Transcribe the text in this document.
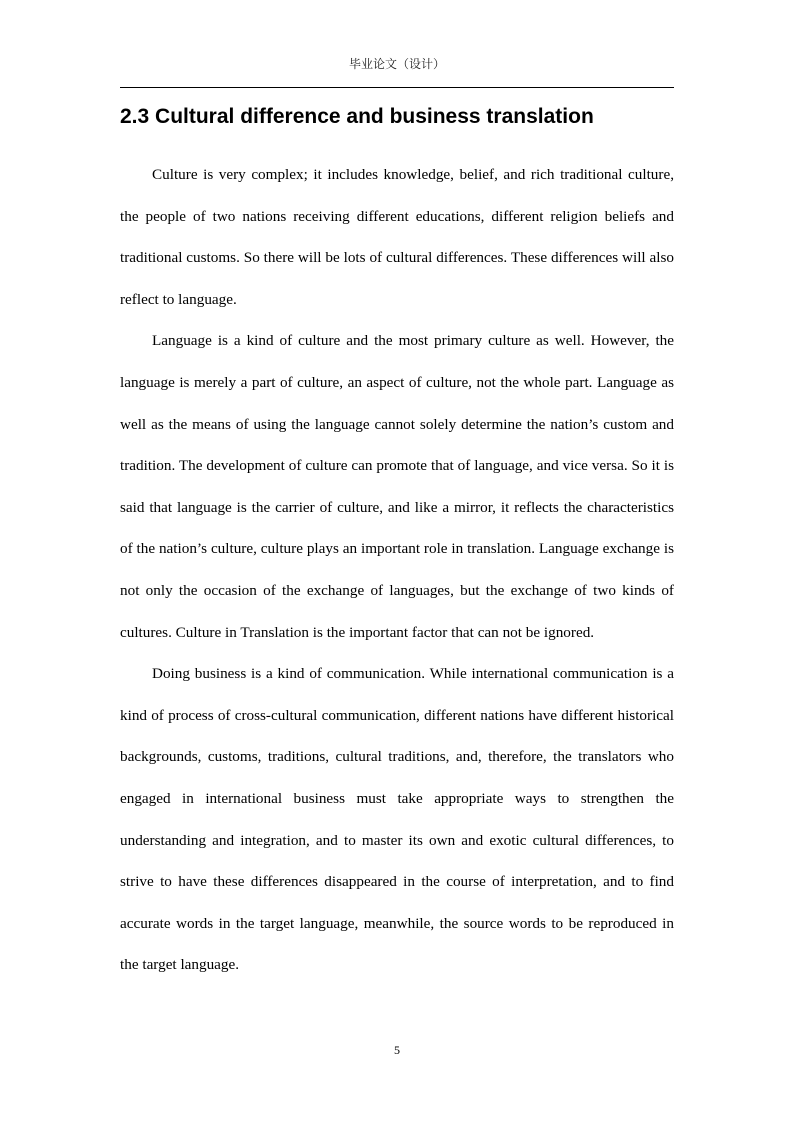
毕业论文（设计）
2.3 Cultural difference and business translation

Culture is very complex; it includes knowledge, belief, and rich traditional culture, the people of two nations receiving different educations, different religion beliefs and traditional customs. So there will be lots of cultural differences. These differences will also reflect to language.

Language is a kind of culture and the most primary culture as well. However, the language is merely a part of culture, an aspect of culture, not the whole part. Language as well as the means of using the language cannot solely determine the nation’s custom and tradition. The development of culture can promote that of language, and vice versa. So it is said that language is the carrier of culture, and like a mirror, it reflects the characteristics of the nation’s culture, culture plays an important role in translation. Language exchange is not only the occasion of the exchange of languages, but the exchange of two kinds of cultures. Culture in Translation is the important factor that can not be ignored.

Doing business is a kind of communication. While international communication is a kind of process of cross-cultural communication, different nations have different historical backgrounds, customs, traditions, cultural traditions, and, therefore, the translators who engaged in international business must take appropriate ways to strengthen the understanding and integration, and to master its own and exotic cultural differences, to strive to have these differences disappeared in the course of interpretation, and to find accurate words in the target language, meanwhile, the source words to be reproduced in the target language.

5
